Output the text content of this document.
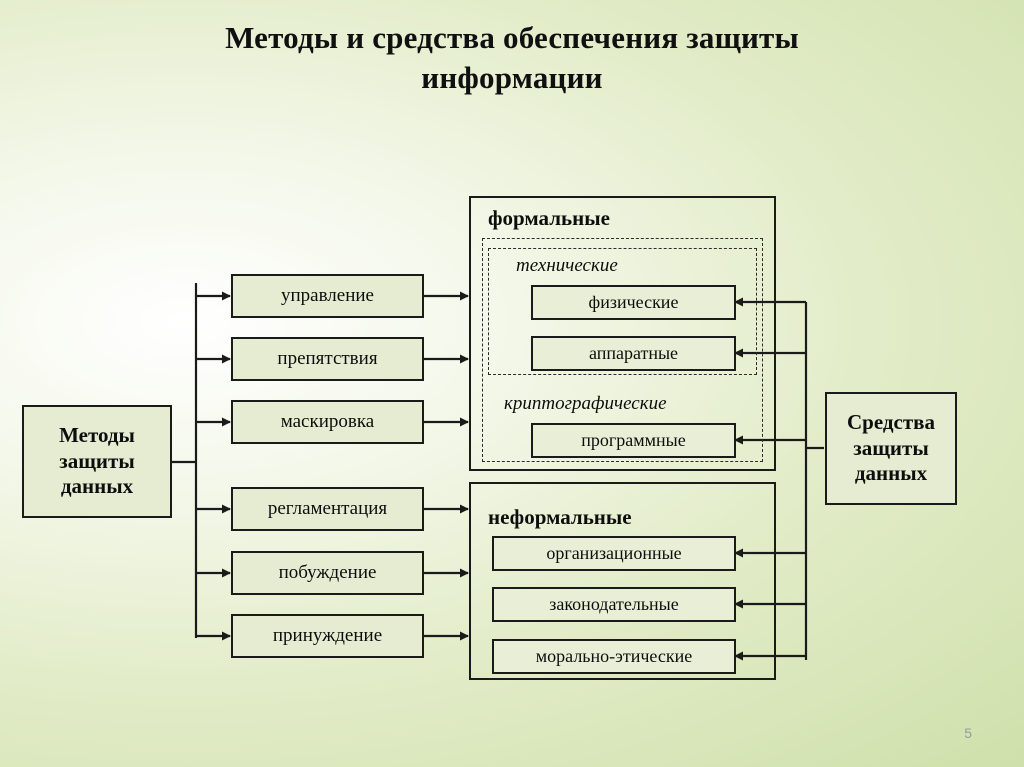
Методы и средства обеспечения защиты
информации
Методы
защиты
данных
управление
препятствия
маскировка
регламентация
побуждение
принуждение
формальные
технические
криптографические
физические
аппаратные
программные
неформальные
организационные
законодательные
морально-этические
Средства
защиты
данных
5
